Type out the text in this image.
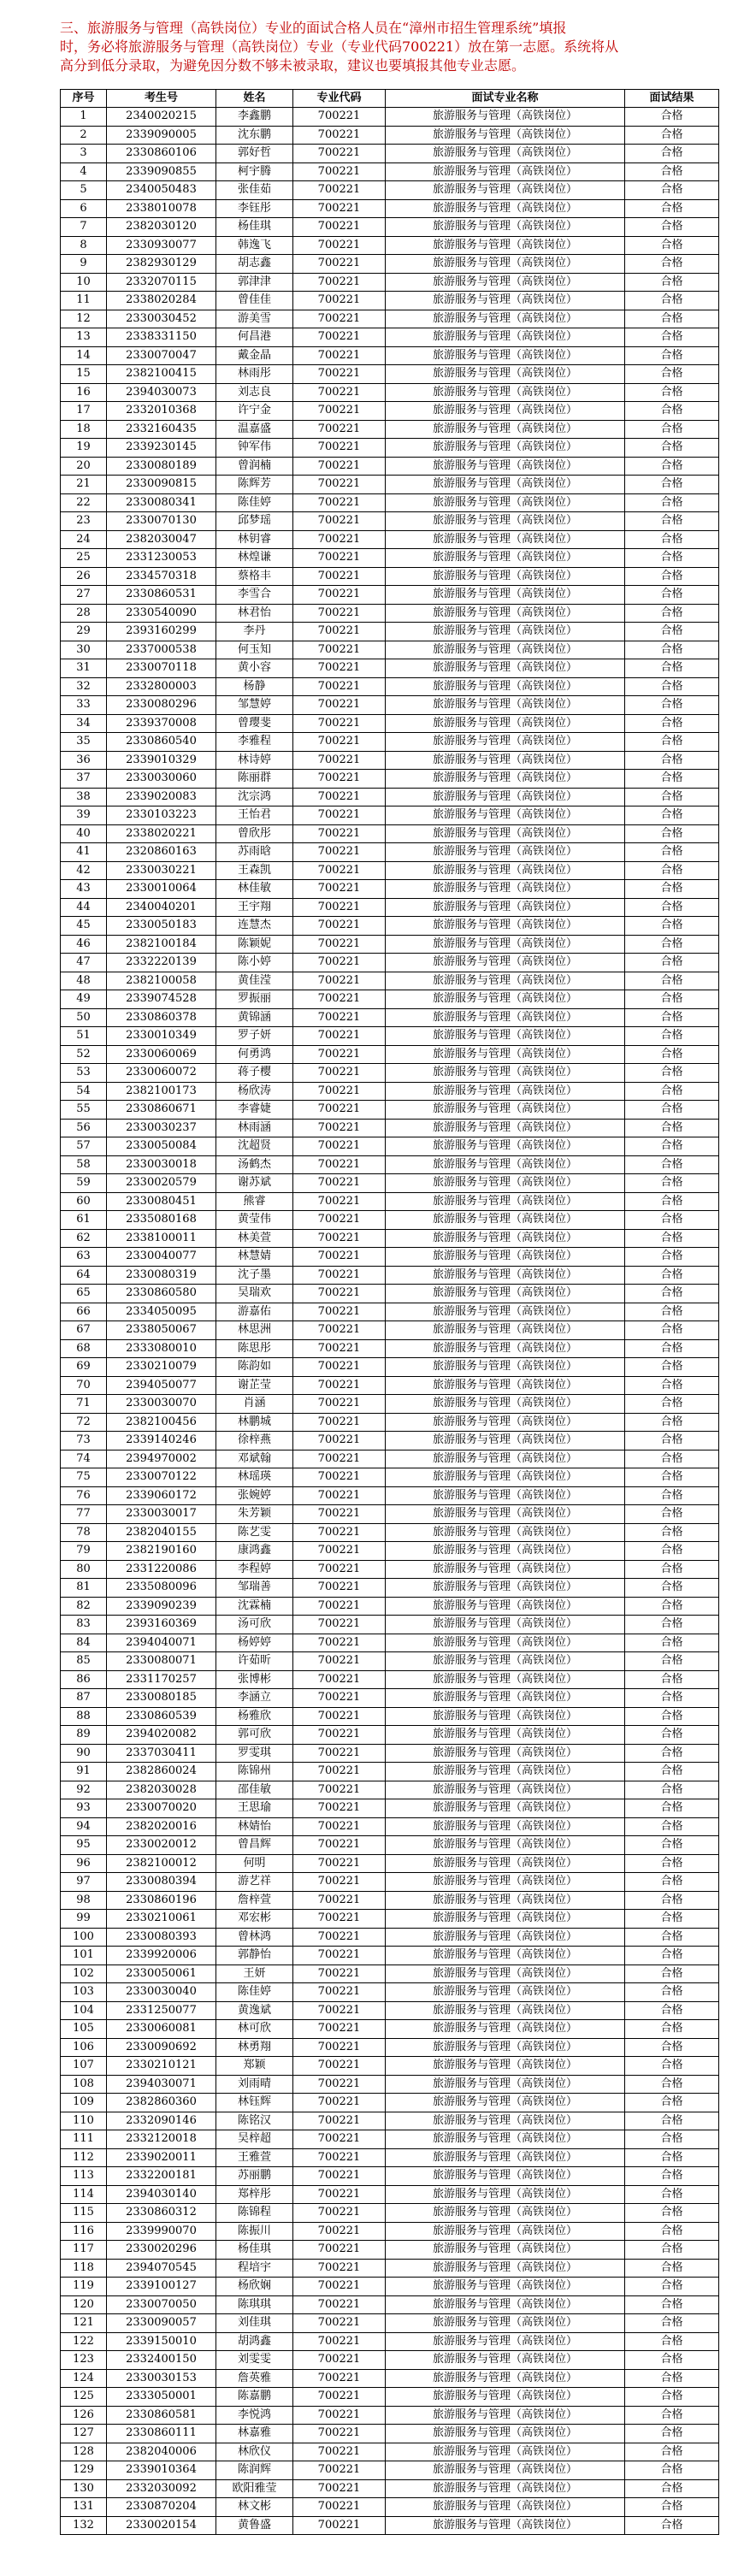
三、旅游服务与管理（高铁岗位）专业的面试合格人员在“漳州市招生管理系统”填报

时，务必将旅游服务与管理（高铁岗位）专业（专业代码700221）放在第一志愿。系统将从

高分到低分录取，为避免因分数不够未被录取，建议也要填报其他专业志愿。

序号	考生号	姓名	专业代码	面试专业名称	面试结果
1	2340020215	李鑫鹏	700221	旅游服务与管理（高铁岗位）	合格
2	2339090005	沈东鹏	700221	旅游服务与管理（高铁岗位）	合格
3	2330860106	郭好哲	700221	旅游服务与管理（高铁岗位）	合格
4	2339090855	柯宇腾	700221	旅游服务与管理（高铁岗位）	合格
5	2340050483	张佳茹	700221	旅游服务与管理（高铁岗位）	合格
6	2338010078	李钰彤	700221	旅游服务与管理（高铁岗位）	合格
7	2382030120	杨佳琪	700221	旅游服务与管理（高铁岗位）	合格
8	2330930077	韩逸飞	700221	旅游服务与管理（高铁岗位）	合格
9	2382930129	胡志鑫	700221	旅游服务与管理（高铁岗位）	合格
10	2332070115	郭津津	700221	旅游服务与管理（高铁岗位）	合格
11	2338020284	曾佳佳	700221	旅游服务与管理（高铁岗位）	合格
12	2330030452	游美雪	700221	旅游服务与管理（高铁岗位）	合格
13	2338331150	何昌港	700221	旅游服务与管理（高铁岗位）	合格
14	2330070047	戴金晶	700221	旅游服务与管理（高铁岗位）	合格
15	2382100415	林雨彤	700221	旅游服务与管理（高铁岗位）	合格
16	2394030073	刘志良	700221	旅游服务与管理（高铁岗位）	合格
17	2332010368	许宁金	700221	旅游服务与管理（高铁岗位）	合格
18	2332160435	温嘉盛	700221	旅游服务与管理（高铁岗位）	合格
19	2339230145	钟军伟	700221	旅游服务与管理（高铁岗位）	合格
20	2330080189	曾润楠	700221	旅游服务与管理（高铁岗位）	合格
21	2330090815	陈辉芳	700221	旅游服务与管理（高铁岗位）	合格
22	2330080341	陈佳婷	700221	旅游服务与管理（高铁岗位）	合格
23	2330070130	邱梦瑶	700221	旅游服务与管理（高铁岗位）	合格
24	2382030047	林钥睿	700221	旅游服务与管理（高铁岗位）	合格
25	2331230053	林煌谦	700221	旅游服务与管理（高铁岗位）	合格
26	2334570318	蔡格丰	700221	旅游服务与管理（高铁岗位）	合格
27	2330860531	李雪合	700221	旅游服务与管理（高铁岗位）	合格
28	2330540090	林君怡	700221	旅游服务与管理（高铁岗位）	合格
29	2393160299	李丹	700221	旅游服务与管理（高铁岗位）	合格
30	2337000538	何玉知	700221	旅游服务与管理（高铁岗位）	合格
31	2330070118	黄小容	700221	旅游服务与管理（高铁岗位）	合格
32	2332800003	杨静	700221	旅游服务与管理（高铁岗位）	合格
33	2330080296	邹慧婷	700221	旅游服务与管理（高铁岗位）	合格
34	2339370008	曾璎斐	700221	旅游服务与管理（高铁岗位）	合格
35	2330860540	李雅程	700221	旅游服务与管理（高铁岗位）	合格
36	2339010329	林诗婷	700221	旅游服务与管理（高铁岗位）	合格
37	2330030060	陈丽群	700221	旅游服务与管理（高铁岗位）	合格
38	2339020083	沈宗鸿	700221	旅游服务与管理（高铁岗位）	合格
39	2330103223	王怡君	700221	旅游服务与管理（高铁岗位）	合格
40	2338020221	曾欣彤	700221	旅游服务与管理（高铁岗位）	合格
41	2320860163	苏雨晗	700221	旅游服务与管理（高铁岗位）	合格
42	2330030221	王森凯	700221	旅游服务与管理（高铁岗位）	合格
43	2330010064	林佳敏	700221	旅游服务与管理（高铁岗位）	合格
44	2340040201	王宇翔	700221	旅游服务与管理（高铁岗位）	合格
45	2330050183	连慧杰	700221	旅游服务与管理（高铁岗位）	合格
46	2382100184	陈颖妮	700221	旅游服务与管理（高铁岗位）	合格
47	2332220139	陈小婷	700221	旅游服务与管理（高铁岗位）	合格
48	2382100058	黄佳滢	700221	旅游服务与管理（高铁岗位）	合格
49	2339074528	罗振丽	700221	旅游服务与管理（高铁岗位）	合格
50	2330860378	黄锦涵	700221	旅游服务与管理（高铁岗位）	合格
51	2330010349	罗子妍	700221	旅游服务与管理（高铁岗位）	合格
52	2330060069	何勇鸿	700221	旅游服务与管理（高铁岗位）	合格
53	2330060072	蒋子樱	700221	旅游服务与管理（高铁岗位）	合格
54	2382100173	杨欣涛	700221	旅游服务与管理（高铁岗位）	合格
55	2330860671	李睿婕	700221	旅游服务与管理（高铁岗位）	合格
56	2330030237	林雨涵	700221	旅游服务与管理（高铁岗位）	合格
57	2330050084	沈超贤	700221	旅游服务与管理（高铁岗位）	合格
58	2330030018	汤鹤杰	700221	旅游服务与管理（高铁岗位）	合格
59	2330020579	谢苏斌	700221	旅游服务与管理（高铁岗位）	合格
60	2330080451	熊睿	700221	旅游服务与管理（高铁岗位）	合格
61	2335080168	黄莹伟	700221	旅游服务与管理（高铁岗位）	合格
62	2338100011	林美萱	700221	旅游服务与管理（高铁岗位）	合格
63	2330040077	林慧婧	700221	旅游服务与管理（高铁岗位）	合格
64	2330080319	沈子墨	700221	旅游服务与管理（高铁岗位）	合格
65	2330860580	吴瑞欢	700221	旅游服务与管理（高铁岗位）	合格
66	2334050095	游嘉佑	700221	旅游服务与管理（高铁岗位）	合格
67	2338050067	林思洲	700221	旅游服务与管理（高铁岗位）	合格
68	2333080010	陈思彤	700221	旅游服务与管理（高铁岗位）	合格
69	2330210079	陈韵如	700221	旅游服务与管理（高铁岗位）	合格
70	2394050077	谢芷莹	700221	旅游服务与管理（高铁岗位）	合格
71	2330030070	肖涵	700221	旅游服务与管理（高铁岗位）	合格
72	2382100456	林鹏城	700221	旅游服务与管理（高铁岗位）	合格
73	2339140246	徐梓燕	700221	旅游服务与管理（高铁岗位）	合格
74	2394970002	邓斌翰	700221	旅游服务与管理（高铁岗位）	合格
75	2330070122	林瑶瑛	700221	旅游服务与管理（高铁岗位）	合格
76	2339060172	张婉婷	700221	旅游服务与管理（高铁岗位）	合格
77	2330030017	朱芳颖	700221	旅游服务与管理（高铁岗位）	合格
78	2382040155	陈艺雯	700221	旅游服务与管理（高铁岗位）	合格
79	2382190160	康鸿鑫	700221	旅游服务与管理（高铁岗位）	合格
80	2331220086	李程婷	700221	旅游服务与管理（高铁岗位）	合格
81	2335080096	邹瑞善	700221	旅游服务与管理（高铁岗位）	合格
82	2339090239	沈霖楠	700221	旅游服务与管理（高铁岗位）	合格
83	2393160369	汤可欣	700221	旅游服务与管理（高铁岗位）	合格
84	2394040071	杨婷婷	700221	旅游服务与管理（高铁岗位）	合格
85	2330080071	许茹昕	700221	旅游服务与管理（高铁岗位）	合格
86	2331170257	张博彬	700221	旅游服务与管理（高铁岗位）	合格
87	2330080185	李涵立	700221	旅游服务与管理（高铁岗位）	合格
88	2330860539	杨雅欣	700221	旅游服务与管理（高铁岗位）	合格
89	2394020082	郭可欣	700221	旅游服务与管理（高铁岗位）	合格
90	2337030411	罗雯琪	700221	旅游服务与管理（高铁岗位）	合格
91	2382860024	陈锦州	700221	旅游服务与管理（高铁岗位）	合格
92	2382030028	邵佳敏	700221	旅游服务与管理（高铁岗位）	合格
93	2330070020	王思瑜	700221	旅游服务与管理（高铁岗位）	合格
94	2382020016	林婧怡	700221	旅游服务与管理（高铁岗位）	合格
95	2330020012	曾昌辉	700221	旅游服务与管理（高铁岗位）	合格
96	2382100012	何明	700221	旅游服务与管理（高铁岗位）	合格
97	2330080394	游艺祥	700221	旅游服务与管理（高铁岗位）	合格
98	2330860196	詹梓萱	700221	旅游服务与管理（高铁岗位）	合格
99	2330210061	邓宏彬	700221	旅游服务与管理（高铁岗位）	合格
100	2330080393	曾林鸿	700221	旅游服务与管理（高铁岗位）	合格
101	2339920006	郭静怡	700221	旅游服务与管理（高铁岗位）	合格
102	2330050061	王妍	700221	旅游服务与管理（高铁岗位）	合格
103	2330030040	陈佳婷	700221	旅游服务与管理（高铁岗位）	合格
104	2331250077	黄逸斌	700221	旅游服务与管理（高铁岗位）	合格
105	2330060081	林可欣	700221	旅游服务与管理（高铁岗位）	合格
106	2330090692	林勇翔	700221	旅游服务与管理（高铁岗位）	合格
107	2330210121	郑颖	700221	旅游服务与管理（高铁岗位）	合格
108	2394030071	刘雨晴	700221	旅游服务与管理（高铁岗位）	合格
109	2382860360	林钰辉	700221	旅游服务与管理（高铁岗位）	合格
110	2332090146	陈铭汉	700221	旅游服务与管理（高铁岗位）	合格
111	2332120018	吴梓超	700221	旅游服务与管理（高铁岗位）	合格
112	2339020011	王雅萱	700221	旅游服务与管理（高铁岗位）	合格
113	2332200181	苏丽鹏	700221	旅游服务与管理（高铁岗位）	合格
114	2394030140	郑梓彤	700221	旅游服务与管理（高铁岗位）	合格
115	2330860312	陈锦程	700221	旅游服务与管理（高铁岗位）	合格
116	2339990070	陈振川	700221	旅游服务与管理（高铁岗位）	合格
117	2330020296	杨佳琪	700221	旅游服务与管理（高铁岗位）	合格
118	2394070545	程培宇	700221	旅游服务与管理（高铁岗位）	合格
119	2339100127	杨欣娴	700221	旅游服务与管理（高铁岗位）	合格
120	2330070050	陈琪琪	700221	旅游服务与管理（高铁岗位）	合格
121	2330090057	刘佳琪	700221	旅游服务与管理（高铁岗位）	合格
122	2339150010	胡鸿鑫	700221	旅游服务与管理（高铁岗位）	合格
123	2332400150	刘雯雯	700221	旅游服务与管理（高铁岗位）	合格
124	2330030153	詹英雅	700221	旅游服务与管理（高铁岗位）	合格
125	2333050001	陈嘉鹏	700221	旅游服务与管理（高铁岗位）	合格
126	2330860581	李悦鸿	700221	旅游服务与管理（高铁岗位）	合格
127	2330860111	林嘉雅	700221	旅游服务与管理（高铁岗位）	合格
128	2382040006	林欣仪	700221	旅游服务与管理（高铁岗位）	合格
129	2339010364	陈润辉	700221	旅游服务与管理（高铁岗位）	合格
130	2332030092	欧阳雅莹	700221	旅游服务与管理（高铁岗位）	合格
131	2330870204	林文彬	700221	旅游服务与管理（高铁岗位）	合格
132	2330020154	黄鲁盛	700221	旅游服务与管理（高铁岗位）	合格
